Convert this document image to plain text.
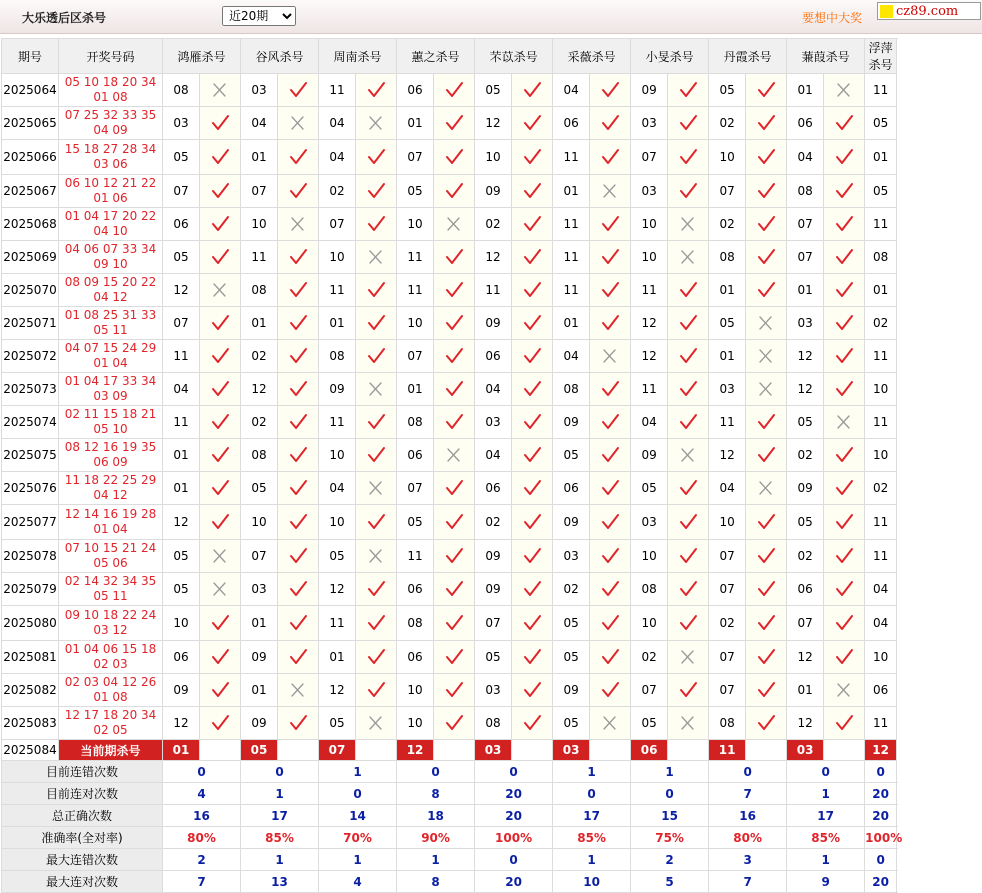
大乐透后区杀号
近20期	要想中大奖	cz89.com
期号	开奖号码	鸿雁杀号		谷风杀号		周南杀号		蕙之杀号		芣苡杀号		采薇杀号		小旻杀号		丹霞杀号		蒹葭杀号		浮萍杀号	
2025064	05 10 18 20 34
01 08	08		03		11		06		05		04		09		05		01		11	

2025065	07 25 32 33 35
04 09	03		04		04		01		12		06		03		02		06		05	

2025066	15 18 27 28 34
03 06	05		01		04		07		10		11		07		10		04		01	

2025067	06 10 12 21 22
01 06	07		07		02		05		09		01		03		07		08		05	

2025068	01 04 17 20 22
04 10	06		10		07		10		02		11		10		02		07		11	

2025069	04 06 07 33 34
09 10	05		11		10		11		12		11		10		08		07		08	

2025070	08 09 15 20 22
04 12	12		08		11		11		11		11		11		01		01		01	

2025071	01 08 25 31 33
05 11	07		01		01		10		09		01		12		05		03		02	

2025072	04 07 15 24 29
01 04	11		02		08		07		06		04		12		01		12		11	

2025073	01 04 17 33 34
03 09	04		12		09		01		04		08		11		03		12		10	

2025074	02 11 15 18 21
05 10	11		02		11		08		03		09		04		11		05		11	

2025075	08 12 16 19 35
06 09	01		08		10		06		04		05		09		12		02		10	

2025076	11 18 22 25 29
04 12	01		05		04		07		06		06		05		04		09		02	

2025077	12 14 16 19 28
01 04	12		10		10		05		02		09		03		10		05		11	

2025078	07 10 15 21 24
05 06	05		07		05		11		09		03		10		07		02		11	

2025079	02 14 32 34 35
05 11	05		03		12		06		09		02		08		07		06		04	

2025080	09 10 18 22 24
03 12	10		01		11		08		07		05		10		02		07		04	

2025081	01 04 06 15 18
02 03	06		09		01		06		05		05		02		07		12		10	

2025082	02 03 04 12 26
01 08	09		01		12		10		03		09		07		07		01		06	

2025083	12 17 18 20 34
02 05	12		09		05		10		08		05		05		08		12		11	

2025084	当前期杀号	01		05		07		12		03		03		06		11		03		12		
目前连错次数		0		0		1		0		0		1		1		0		0		0	
目前连对次数		4		1		0		8		20		0		0		7		1		20	
总正确次数		16		17		14		18		20		17		15		16		17		20	
准确率(全对率)		80%		85%		70%		90%		100%		85%		75%		80%		85%		100%	
最大连错次数		2		1		1		1		0		1		2		3		1		0	
最大连对次数		7		13		4		8		20		10		5		7		9		20	
